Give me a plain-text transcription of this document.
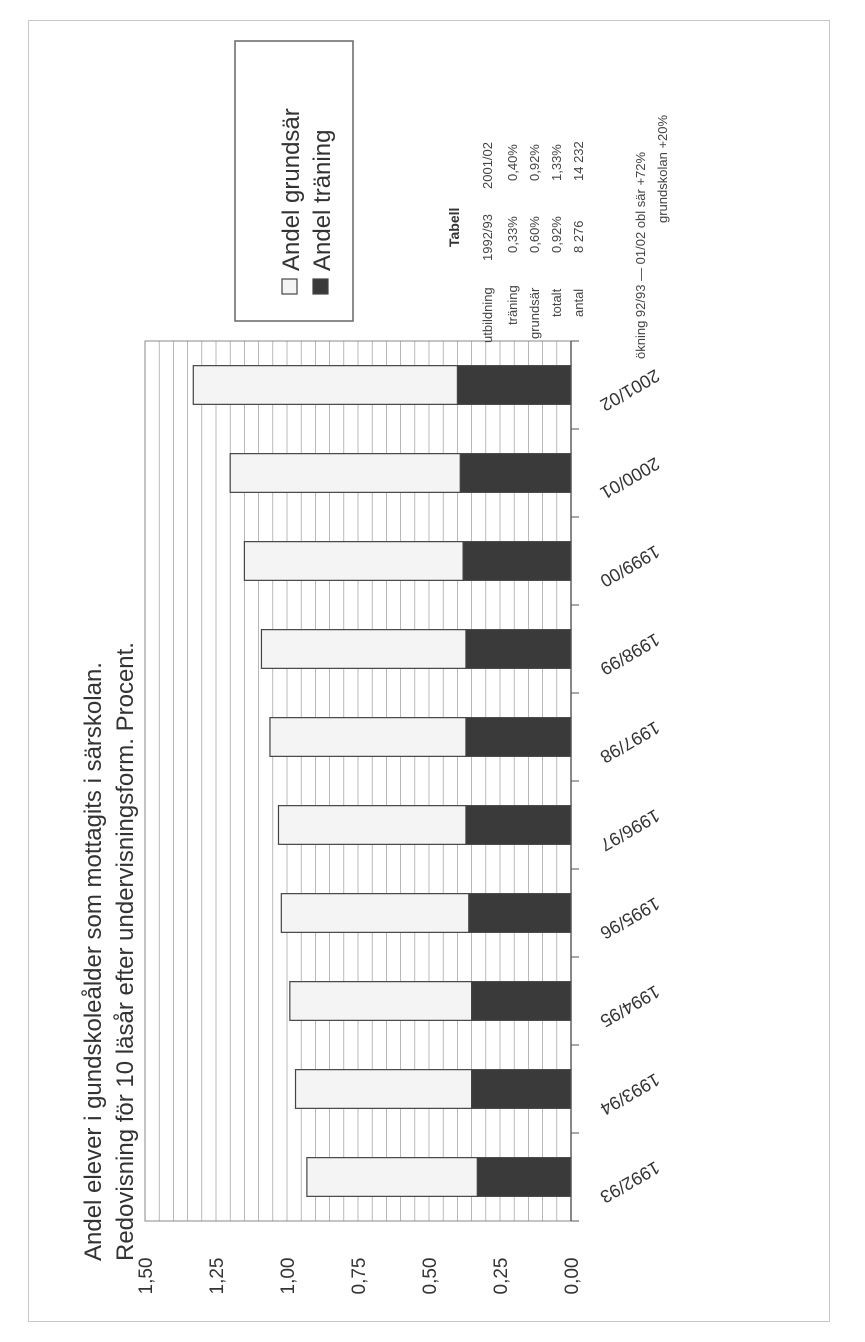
0,00
0,25
0,50
0,75
1,00
1,25
1,50
1992/93
1993/94
1994/95
1995/96
1996/97
1997/98
1998/99
1999/00
2000/01
2001/02
Andel elever i gundskoleålder som mottagits i särskolan. Redovisning för 10 läsår efter undervisningsform. Procent.
Andel grundsär Andel träning	Tabell
utbildning
1992/93
2001/02
träning
0,33%
0,40%
grundsär
0,60%
0,92%
totalt
0,92%
1,33%
antal
8 276
14 232	ökning 92/93 — 01/02 obl sär +72% grundskolan +20%
